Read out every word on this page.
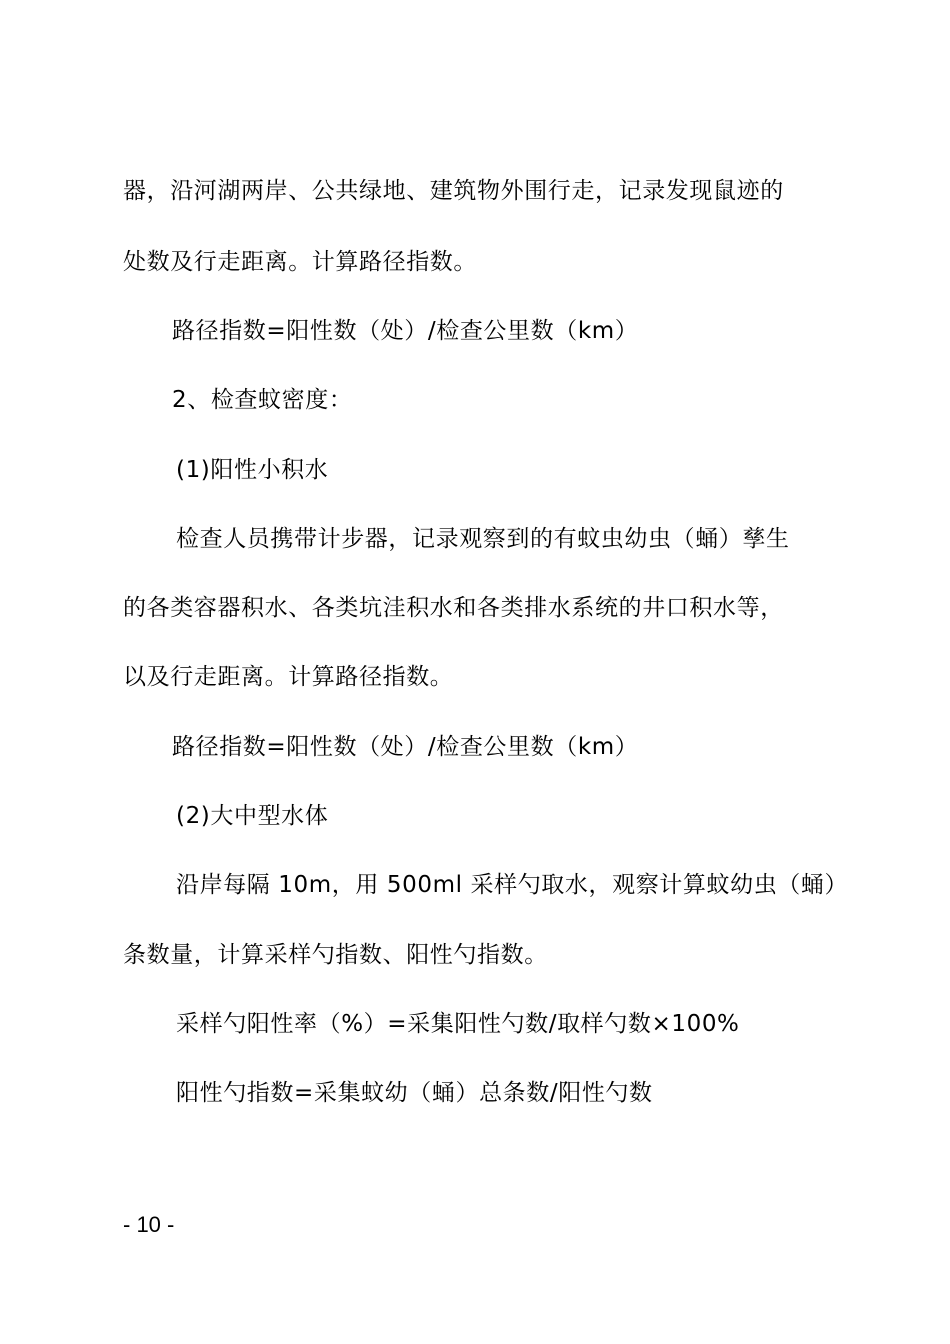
器，沿河湖两岸、公共绿地、建筑物外围行走，记录发现鼠迹的
处数及行走距离。计算路径指数。
路径指数=阳性数（处）/检查公里数（km）
2、检查蚊密度：
(1)阳性小积水
检查人员携带计步器，记录观察到的有蚊虫幼虫（蛹）孳生
的各类容器积水、各类坑洼积水和各类排水系统的井口积水等，
以及行走距离。计算路径指数。
路径指数=阳性数（处）/检查公里数（km）
(2)大中型水体
沿岸每隔 10m，用 500ml 采样勺取水，观察计算蚊幼虫（蛹）
条数量，计算采样勺指数、阳性勺指数。
采样勺阳性率（%）=采集阳性勺数/取样勺数×100%
阳性勺指数=采集蚊幼（蛹）总条数/阳性勺数
- 10 -
